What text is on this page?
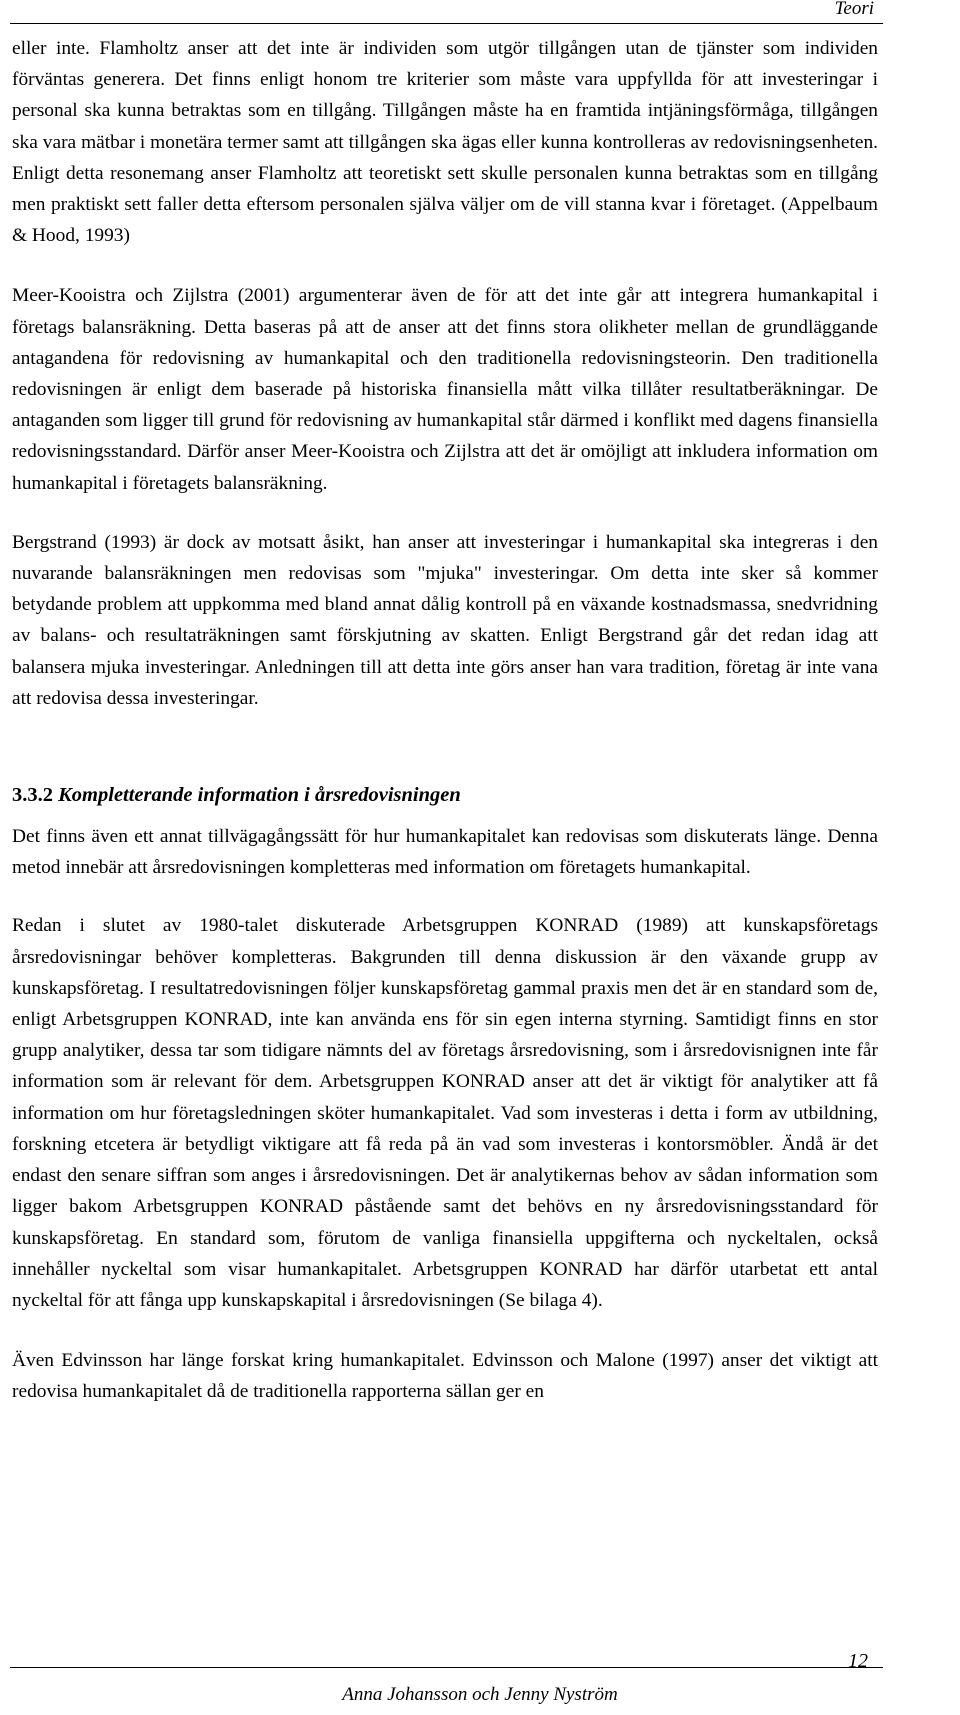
Teori

eller inte. Flamholtz anser att det inte är individen som utgör tillgången utan de tjänster som individen förväntas generera. Det finns enligt honom tre kriterier som måste vara uppfyllda för att investeringar i personal ska kunna betraktas som en tillgång. Tillgången måste ha en framtida intjäningsförmåga, tillgången ska vara mätbar i monetära termer samt att tillgången ska ägas eller kunna kontrolleras av redovisningsenheten. Enligt detta resonemang anser Flamholtz att teoretiskt sett skulle personalen kunna betraktas som en tillgång men praktiskt sett faller detta eftersom personalen själva väljer om de vill stanna kvar i företaget. (Appelbaum & Hood, 1993)

Meer-Kooistra och Zijlstra (2001) argumenterar även de för att det inte går att integrera humankapital i företags balansräkning. Detta baseras på att de anser att det finns stora olikheter mellan de grundläggande antagandena för redovisning av humankapital och den traditionella redovisningsteorin. Den traditionella redovisningen är enligt dem baserade på historiska finansiella mått vilka tillåter resultatberäkningar. De antaganden som ligger till grund för redovisning av humankapital står därmed i konflikt med dagens finansiella redovisningsstandard. Därför anser Meer-Kooistra och Zijlstra att det är omöjligt att inkludera information om humankapital i företagets balansräkning.

Bergstrand (1993) är dock av motsatt åsikt, han anser att investeringar i humankapital ska integreras i den nuvarande balansräkningen men redovisas som "mjuka" investeringar. Om detta inte sker så kommer betydande problem att uppkomma med bland annat dålig kontroll på en växande kostnadsmassa, snedvridning av balans- och resultaträkningen samt förskjutning av skatten. Enligt Bergstrand går det redan idag att balansera mjuka investeringar. Anledningen till att detta inte görs anser han vara tradition, företag är inte vana att redovisa dessa investeringar.

3.3.2 Kompletterande information i årsredovisningen

Det finns även ett annat tillvägagångssätt för hur humankapitalet kan redovisas som diskuterats länge. Denna metod innebär att årsredovisningen kompletteras med information om företagets humankapital.

Redan i slutet av 1980-talet diskuterade Arbetsgruppen KONRAD (1989) att kunskapsföretags årsredovisningar behöver kompletteras. Bakgrunden till denna diskussion är den växande grupp av kunskapsföretag. I resultatredovisningen följer kunskapsföretag gammal praxis men det är en standard som de, enligt Arbetsgruppen KONRAD, inte kan använda ens för sin egen interna styrning. Samtidigt finns en stor grupp analytiker, dessa tar som tidigare nämnts del av företags årsredovisning, som i årsredovisnignen inte får information som är relevant för dem. Arbetsgruppen KONRAD anser att det är viktigt för analytiker att få information om hur företagsledningen sköter humankapitalet. Vad som investeras i detta i form av utbildning, forskning etcetera är betydligt viktigare att få reda på än vad som investeras i kontorsmöbler. Ändå är det endast den senare siffran som anges i årsredovisningen. Det är analytikernas behov av sådan information som ligger bakom Arbetsgruppen KONRAD påstående samt det behövs en ny årsredovisningsstandard för kunskapsföretag. En standard som, förutom de vanliga finansiella uppgifterna och nyckeltalen, också innehåller nyckeltal som visar humankapitalet. Arbetsgruppen KONRAD har därför utarbetat ett antal nyckeltal för att fånga upp kunskapskapital i årsredovisningen (Se bilaga 4).

Även Edvinsson har länge forskat kring humankapitalet. Edvinsson och Malone (1997) anser det viktigt att redovisa humankapitalet då de traditionella rapporterna sällan ger en

12
Anna Johansson och Jenny Nyström
